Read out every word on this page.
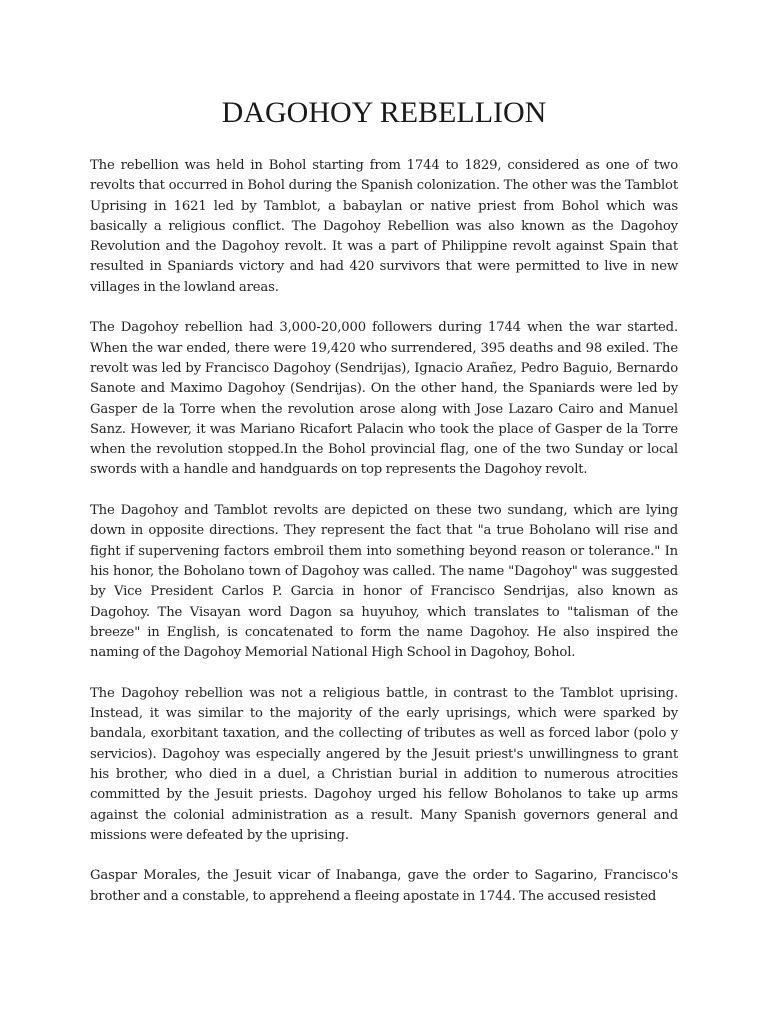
DAGOHOY REBELLION

The rebellion was held in Bohol starting from 1744 to 1829, considered as one of two revolts that occurred in Bohol during the Spanish colonization. The other was the Tamblot Uprising in 1621 led by Tamblot, a babaylan or native priest from Bohol which was basically a religious conflict. The Dagohoy Rebellion was also known as the Dagohoy Revolution and the Dagohoy revolt. It was a part of Philippine revolt against Spain that resulted in Spaniards victory and had 420 survivors that were permitted to live in new villages in the lowland areas.

The Dagohoy rebellion had 3,000-20,000 followers during 1744 when the war started. When the war ended, there were 19,420 who surrendered, 395 deaths and 98 exiled. The revolt was led by Francisco Dagohoy (Sendrijas), Ignacio Arañez, Pedro Baguio, Bernardo Sanote and Maximo Dagohoy (Sendrijas). On the other hand, the Spaniards were led by Gasper de la Torre when the revolution arose along with Jose Lazaro Cairo and Manuel Sanz. However, it was Mariano Ricafort Palacin who took the place of Gasper de la Torre when the revolution stopped.In the Bohol provincial flag, one of the two Sunday or local swords with a handle and handguards on top represents the Dagohoy revolt.

The Dagohoy and Tamblot revolts are depicted on these two sundang, which are lying down in opposite directions. They represent the fact that "a true Boholano will rise and fight if supervening factors embroil them into something beyond reason or tolerance." In his honor, the Boholano town of Dagohoy was called. The name "Dagohoy" was suggested by Vice President Carlos P. Garcia in honor of Francisco Sendrijas, also known as Dagohoy. The Visayan word Dagon sa huyuhoy, which translates to "talisman of the breeze" in English, is concatenated to form the name Dagohoy. He also inspired the naming of the Dagohoy Memorial National High School in Dagohoy, Bohol.

The Dagohoy rebellion was not a religious battle, in contrast to the Tamblot uprising. Instead, it was similar to the majority of the early uprisings, which were sparked by bandala, exorbitant taxation, and the collecting of tributes as well as forced labor (polo y servicios). Dagohoy was especially angered by the Jesuit priest's unwillingness to grant his brother, who died in a duel, a Christian burial in addition to numerous atrocities committed by the Jesuit priests. Dagohoy urged his fellow Boholanos to take up arms against the colonial administration as a result. Many Spanish governors general and missions were defeated by the uprising.

Gaspar Morales, the Jesuit vicar of Inabanga, gave the order to Sagarino, Francisco's brother and a constable, to apprehend a fleeing apostate in 1744. The accused resisted
